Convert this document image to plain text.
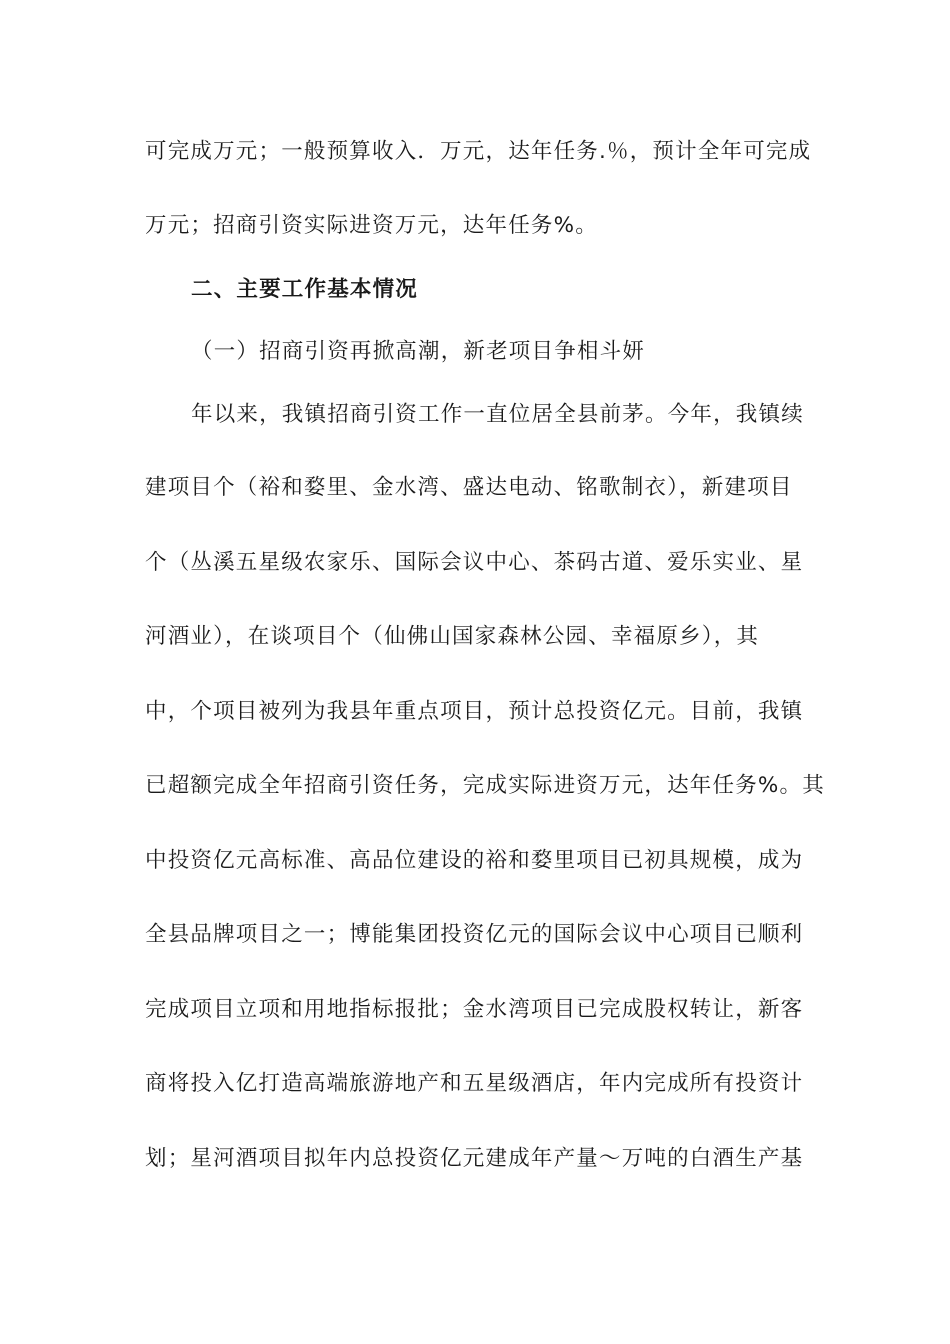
可完成万元；一般预算收入．万元，达年任务.％，预计全年可完成
万元；招商引资实际进资万元，达年任务%。
二、主要工作基本情况
（一）招商引资再掀高潮，新老项目争相斗妍
年以来，我镇招商引资工作一直位居全县前茅。今年，我镇续
建项目个（裕和婺里、金水湾、盛达电动、铭歌制衣），新建项目
个（丛溪五星级农家乐、国际会议中心、茶码古道、爱乐实业、星
河酒业），在谈项目个（仙佛山国家森林公园、幸福原乡），其
中，个项目被列为我县年重点项目，预计总投资亿元。目前，我镇
已超额完成全年招商引资任务，完成实际进资万元，达年任务%。其
中投资亿元高标准、高品位建设的裕和婺里项目已初具规模，成为
全县品牌项目之一；博能集团投资亿元的国际会议中心项目已顺利
完成项目立项和用地指标报批；金水湾项目已完成股权转让，新客
商将投入亿打造高端旅游地产和五星级酒店，年内完成所有投资计
划；星河酒项目拟年内总投资亿元建成年产量～万吨的白酒生产基
